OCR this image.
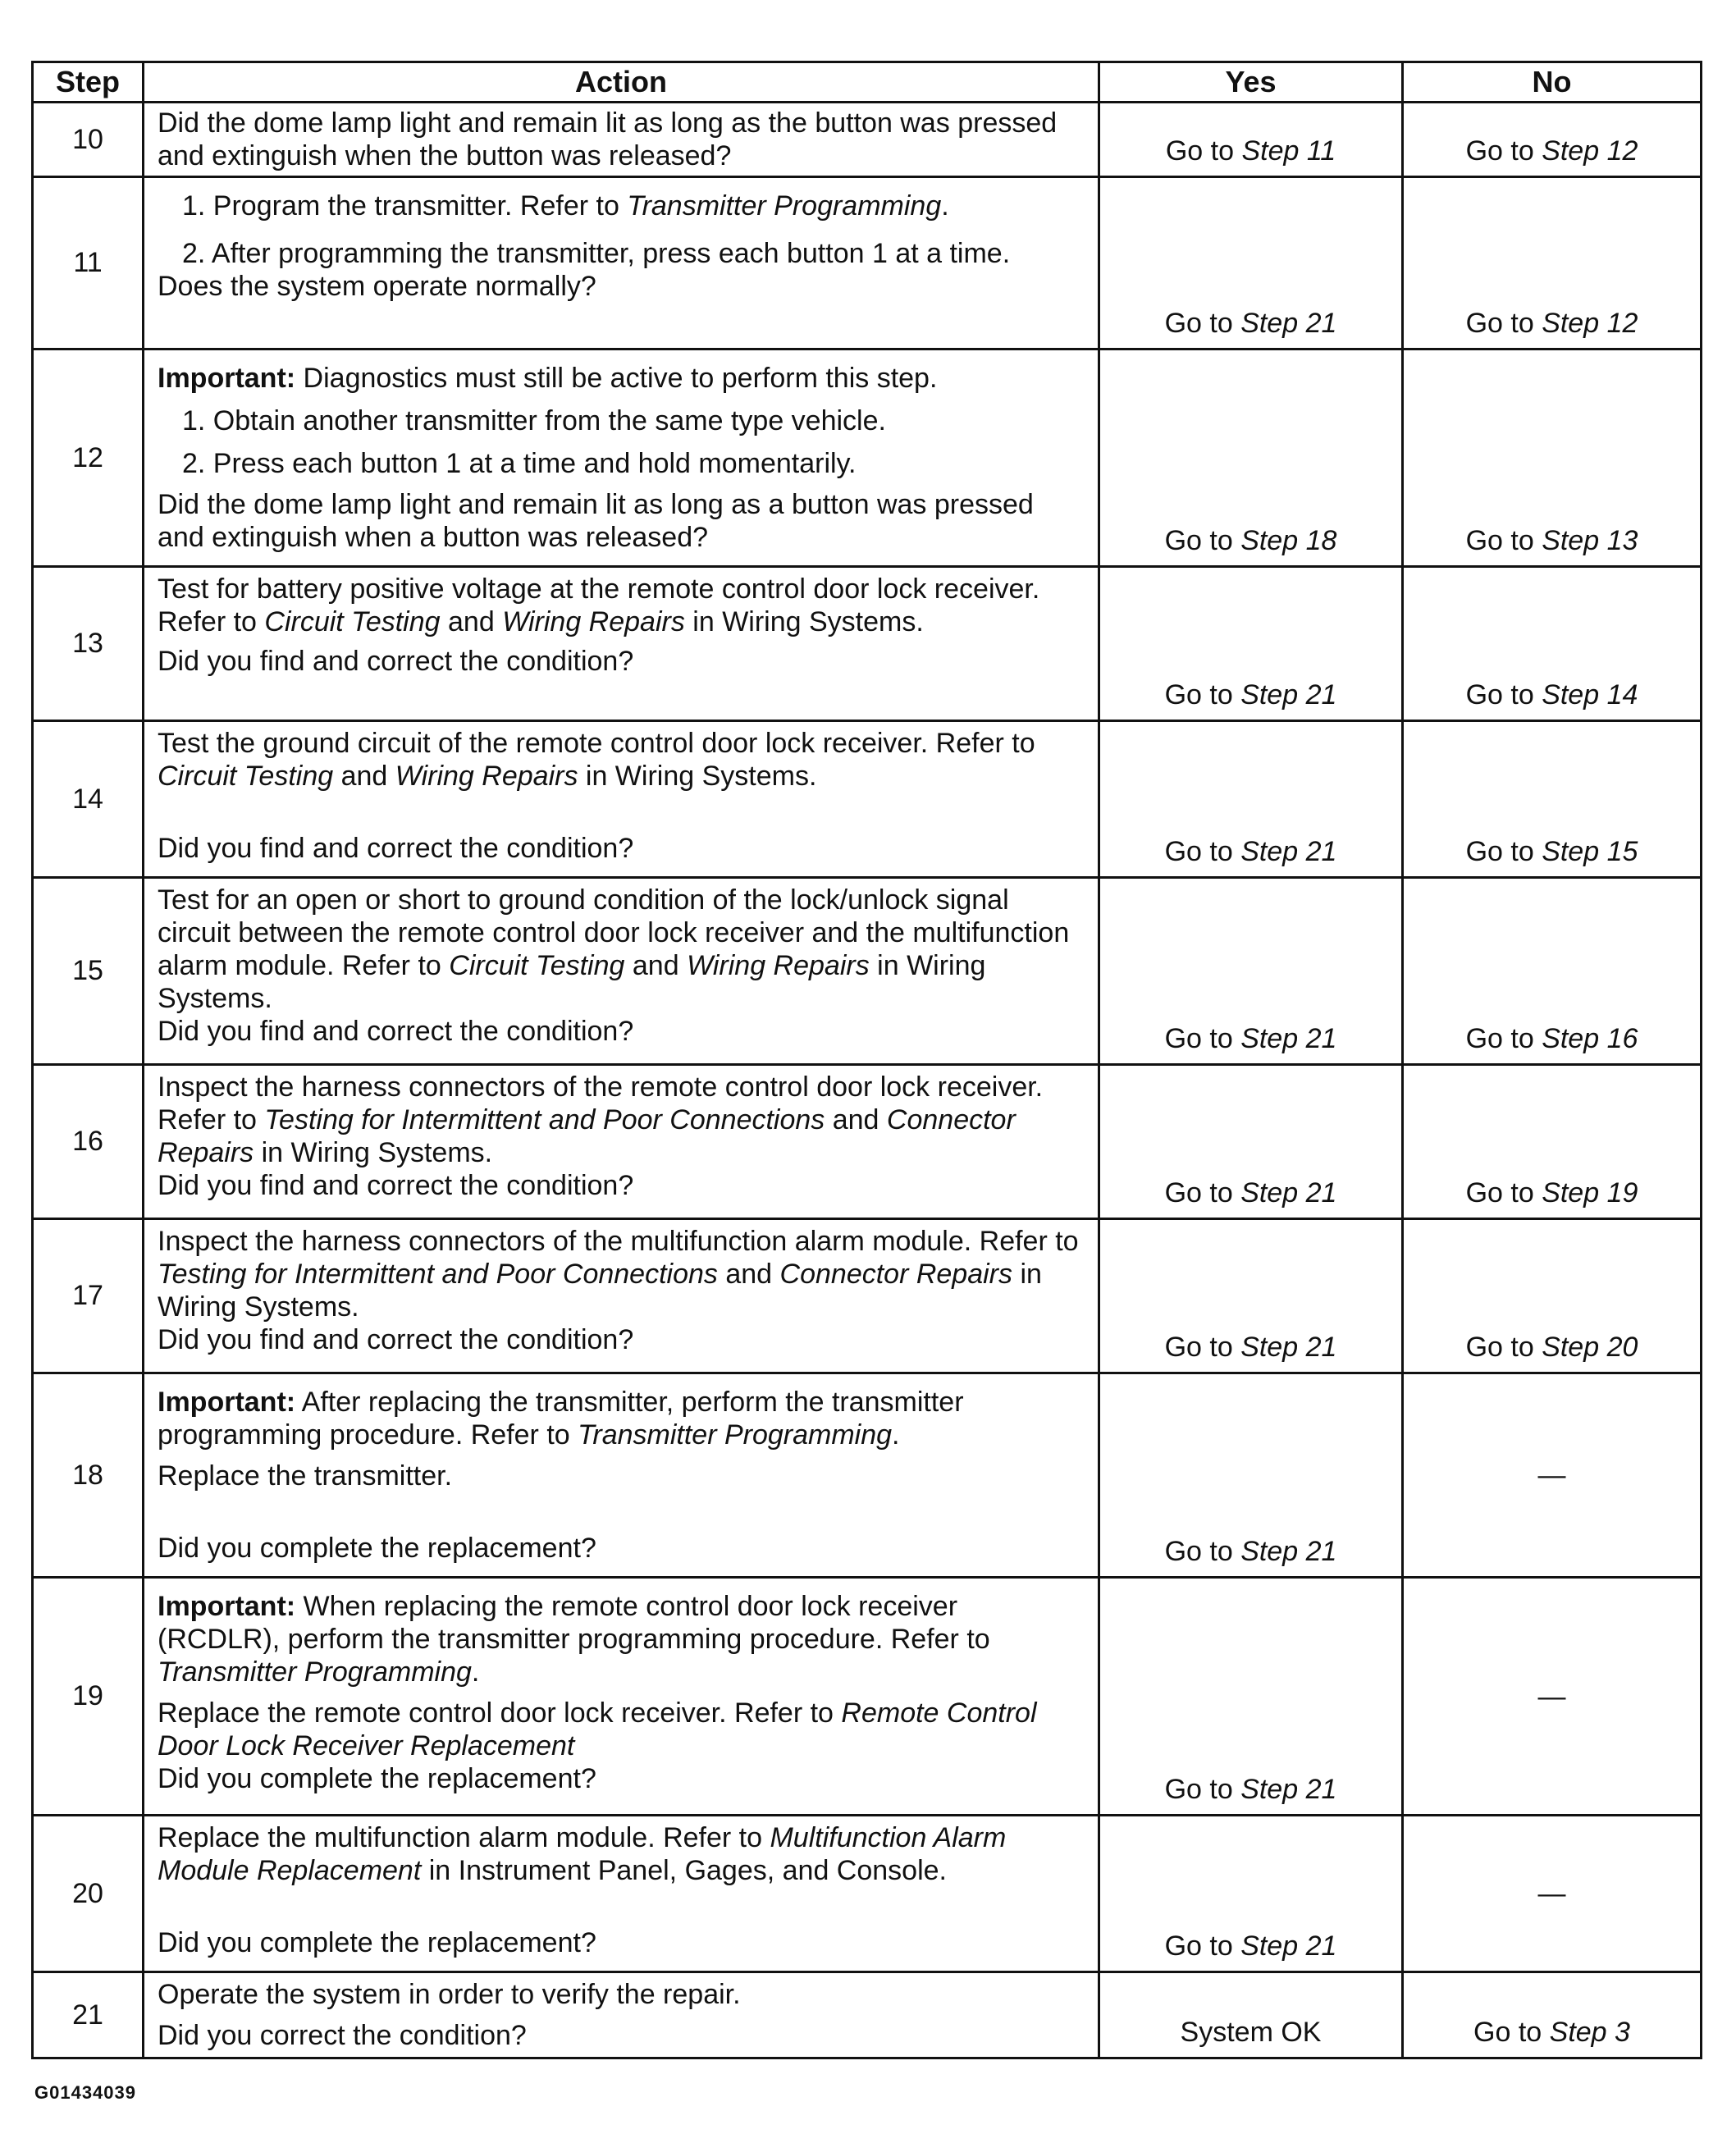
Step	Action	Yes	No
10	Did the dome lamp light and remain lit as long as the button was pressed and extinguish when the button was released?	Go to Step 11	Go to Step 12
11	1. Program the transmitter. Refer to Transmitter Programming.
2. After programming the transmitter, press each button 1 at a time.
Does the system operate normally?	Go to Step 21	Go to Step 12
12	Important: Diagnostics must still be active to perform this step.
1. Obtain another transmitter from the same type vehicle.
2. Press each button 1 at a time and hold momentarily.
Did the dome lamp light and remain lit as long as a button was pressed and extinguish when a button was released?	Go to Step 18	Go to Step 13
13	Test for battery positive voltage at the remote control door lock receiver. Refer to Circuit Testing and Wiring Repairs in Wiring Systems.
Did you find and correct the condition?	Go to Step 21	Go to Step 14
14	Test the ground circuit of the remote control door lock receiver. Refer to Circuit Testing and Wiring Repairs in Wiring Systems.
Did you find and correct the condition?	Go to Step 21	Go to Step 15
15	Test for an open or short to ground condition of the lock/unlock signal circuit between the remote control door lock receiver and the multifunction alarm module. Refer to Circuit Testing and Wiring Repairs in Wiring Systems.
Did you find and correct the condition?	Go to Step 21	Go to Step 16
16	Inspect the harness connectors of the remote control door lock receiver. Refer to Testing for Intermittent and Poor Connections and Connector Repairs in Wiring Systems.
Did you find and correct the condition?	Go to Step 21	Go to Step 19
17	Inspect the harness connectors of the multifunction alarm module. Refer to Testing for Intermittent and Poor Connections and Connector Repairs in Wiring Systems.
Did you find and correct the condition?	Go to Step 21	Go to Step 20
18	Important: After replacing the transmitter, perform the transmitter programming procedure. Refer to Transmitter Programming.
Replace the transmitter.
Did you complete the replacement?	Go to Step 21	—
19	Important: When replacing the remote control door lock receiver (RCDLR), perform the transmitter programming procedure. Refer to Transmitter Programming.
Replace the remote control door lock receiver. Refer to Remote Control Door Lock Receiver Replacement
Did you complete the replacement?	Go to Step 21	—
20	Replace the multifunction alarm module. Refer to Multifunction Alarm Module Replacement in Instrument Panel, Gages, and Console.
Did you complete the replacement?	Go to Step 21	—
21	Operate the system in order to verify the repair.
Did you correct the condition?	System OK	Go to Step 3
G01434039
